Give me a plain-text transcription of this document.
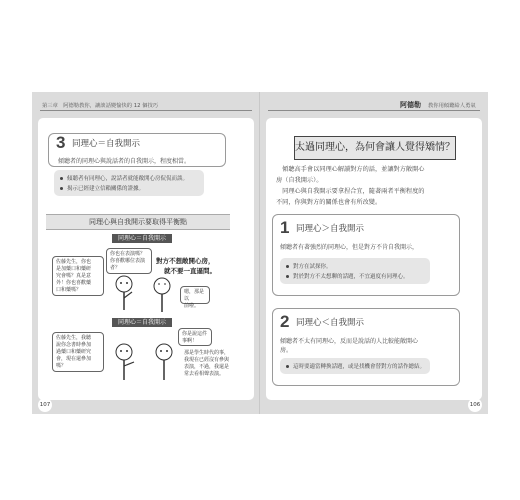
第三章　阿德勒教你，讓談話變愉快的 12 個技巧
3 同理心＝自我開示
傾聽者的同理心與說話者的自我開示，程度相當。
傾聽者有同理心，說話者就能敞開心房侃侃而談。
揭示已經建立信賴關係的證據。
同理心與自我開示要取得平衡點
同理心＝自我開示
佐藤先生，你也
是加藥口和藥研
究會嗎？真是意
外！你也喜歡藥
口和藥嗎？
你也在表演嗎？
你喜歡哪位表演
者？
對方不想敞開心房，
就不要一直逼問。
嗯，那是以
前啦。
同理心＝自我開示
佐藤先生，我聽
說你念書時參加
過藥口和藥研究
會，現在還參加
嗎？
你是說這件
事啊！
那是學生時代的事，
我現在已經沒有參與
表演，不過，我還是
常去看相聲表演。
107
阿德勒 教你用傾聽給人勇氣
太過同理心，為何會讓人覺得矯情？
　傾聽高手會以同理心解讀對方的話，並讓對方敞開心
房（自我開示）。
　同理心與自我開示要拿捏合宜，隨著兩者平衡程度的
不同，你與對方的關係也會有所改變。
1 同理心＞自我開示
傾聽者有著強烈的同理心，但是對方不肯自我開示，
對方在試探你。
對於對方不太想聊的話題，不宜過度有同理心。
2 同理心＜自我開示
傾聽者不太有同理心，反而是說話的人比較能敞開心
房。
這時要適當轉換話題，或是找機會替對方的話作總結。
106
